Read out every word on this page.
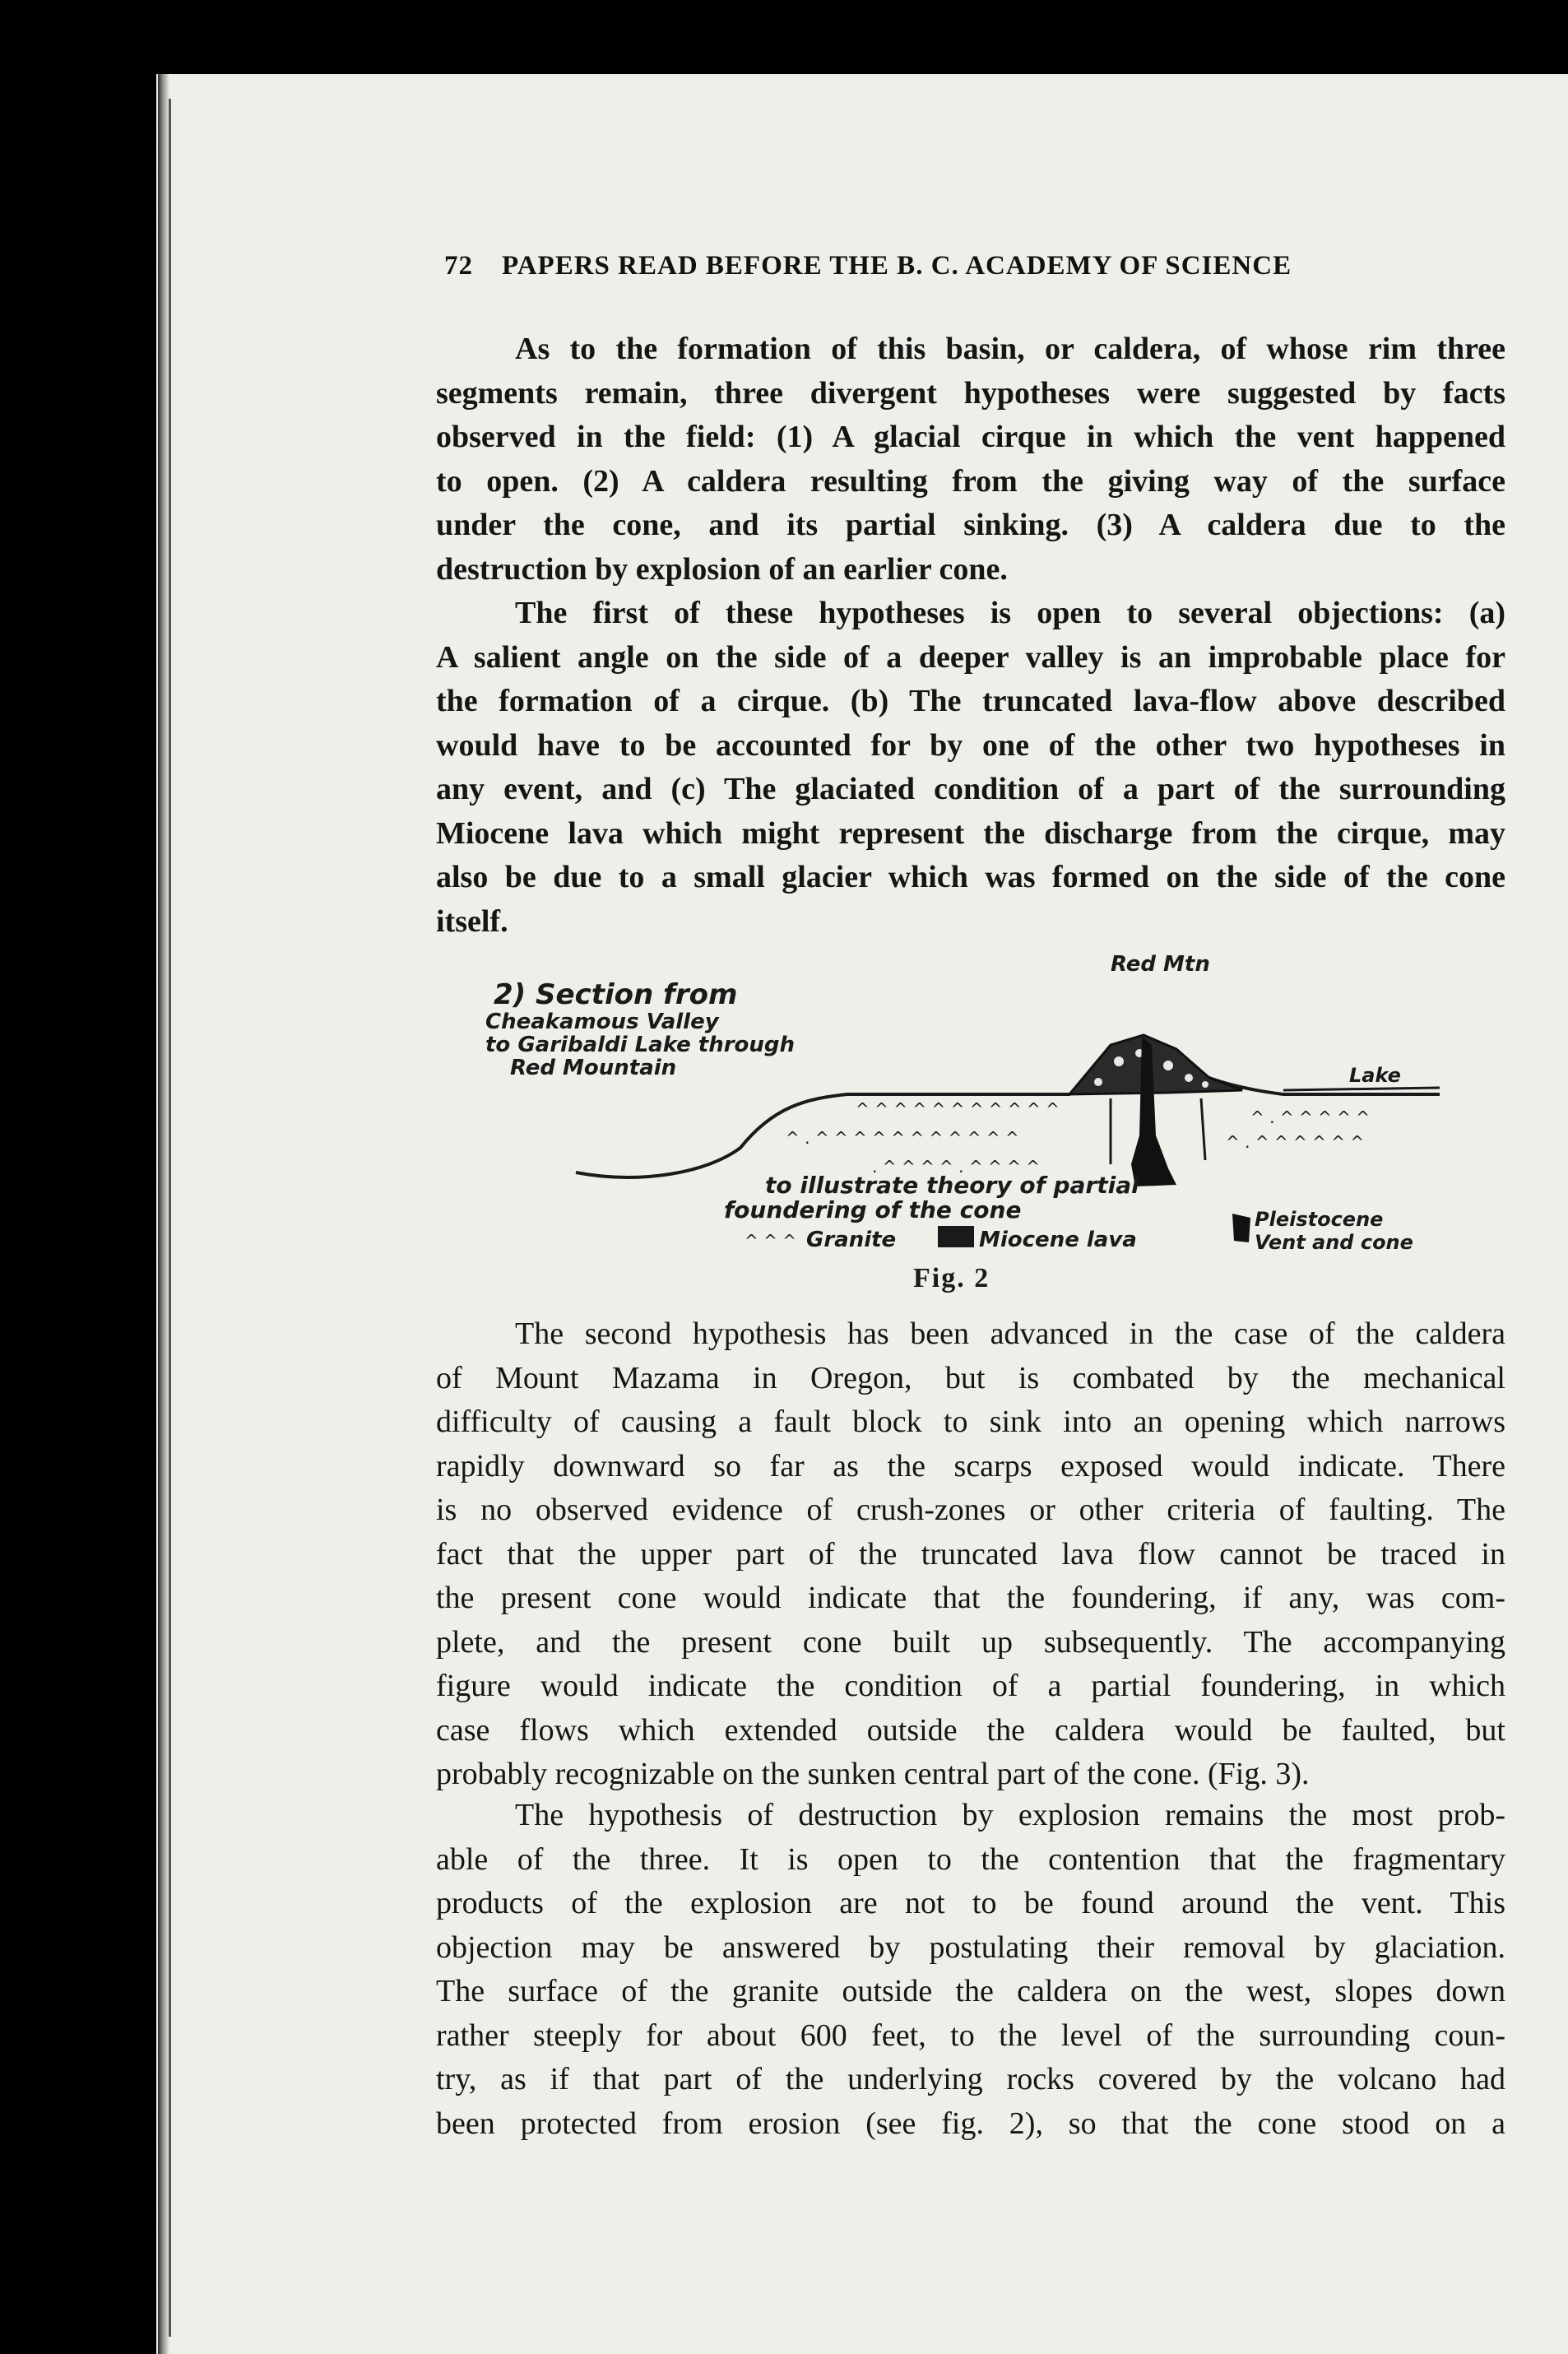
72 PAPERS READ BEFORE THE B. C. ACADEMY OF SCIENCE
As to the formation of this basin, or caldera, of whose rim three
segments remain, three divergent hypotheses were suggested by facts
observed in the field: (1) A glacial cirque in which the vent happened
to open. (2) A caldera resulting from the giving way of the surface
under the cone, and its partial sinking. (3) A caldera due to the
destruction by explosion of an earlier cone.
The first of these hypotheses is open to several objections: (a)
A salient angle on the side of a deeper valley is an improbable place for
the formation of a cirque. (b) The truncated lava-flow above described
would have to be accounted for by one of the other two hypotheses in
any event, and (c) The glaciated condition of a part of the surrounding
Miocene lava which might represent the discharge from the cirque, may
also be due to a small glacier which was formed on the side of the cone
itself.
2) Section from
Cheakamous Valley
to Garibaldi Lake through
Red Mountain
Red Mtn
Lake
^ ^ ^ ^ ^ ^ ^ ^ ^ ^ ^
^ . ^ ^ ^ ^ ^ ^ ^ ^ ^ ^ ^
. ^ ^ ^ ^ . ^ ^ ^ ^
^ . ^ ^ ^ ^ ^
^ . ^ ^ ^ ^ ^ ^
to illustrate theory of partial
foundering of the cone
^ ^ ^ Granite	Miocene lava
Pleistocene
Vent and cone
Fig. 2
The second hypothesis has been advanced in the case of the caldera
of Mount Mazama in Oregon, but is combated by the mechanical
difficulty of causing a fault block to sink into an opening which narrows
rapidly downward so far as the scarps exposed would indicate. There
is no observed evidence of crush-zones or other criteria of faulting. The
fact that the upper part of the truncated lava flow cannot be traced in
the present cone would indicate that the foundering, if any, was com-
plete, and the present cone built up subsequently. The accompanying
figure would indicate the condition of a partial foundering, in which
case flows which extended outside the caldera would be faulted, but
probably recognizable on the sunken central part of the cone. (Fig. 3).
The hypothesis of destruction by explosion remains the most prob-
able of the three. It is open to the contention that the fragmentary
products of the explosion are not to be found around the vent. This
objection may be answered by postulating their removal by glaciation.
The surface of the granite outside the caldera on the west, slopes down
rather steeply for about 600 feet, to the level of the surrounding coun-
try, as if that part of the underlying rocks covered by the volcano had
been protected from erosion (see fig. 2), so that the cone stood on a
